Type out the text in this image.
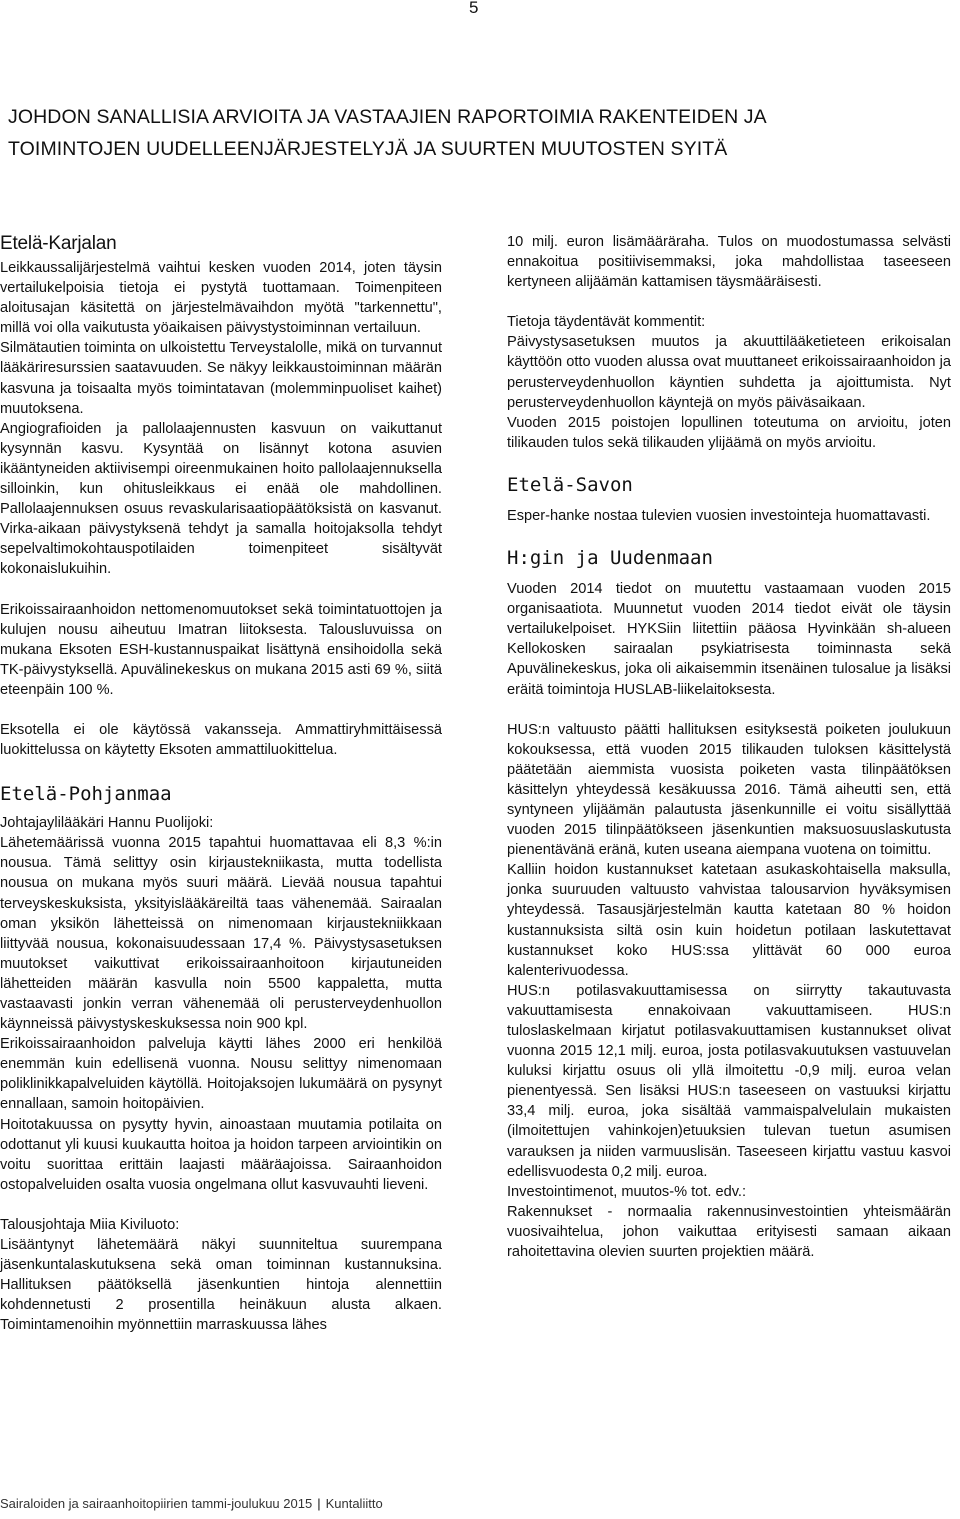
5
JOHDON SANALLISIA ARVIOITA JA VASTAAJIEN RAPORTOIMIA RAKENTEIDEN JA
TOIMINTOJEN UUDELLEENJÄRJESTELYJÄ JA SUURTEN MUUTOSTEN SYITÄ
Etelä-Karjalan

Leikkaussalijärjestelmä vaihtui kesken vuoden 2014, joten täysin vertailukelpoisia tietoja ei pystytä tuottamaan. Toimenpiteen aloitusajan käsitettä on järjestelmävaihdon myötä "tarkennettu", millä voi olla vaikutusta yöaikaisen päivystystoiminnan vertailuun.

Silmätautien toiminta on ulkoistettu Terveystalolle, mikä on turvannut lääkäriresurssien saatavuuden. Se näkyy leikkaustoiminnan määrän kasvuna ja toisaalta myös toimintatavan (molemminpuoliset kaihet) muutoksena.

Angiografioiden ja pallolaajennusten kasvuun on vaikuttanut kysynnän kasvu. Kysyntää on lisännyt kotona asuvien ikääntyneiden aktiivisempi oireenmukainen hoito pallolaajennuksella silloinkin, kun ohitusleikkaus ei enää ole mahdollinen. Pallolaajennuksen osuus revaskularisaatiopäätöksistä on kasvanut. Virka-aikaan päivystyksenä tehdyt ja samalla hoitojaksolla tehdyt sepelvaltimokohtauspotilaiden toimenpiteet sisältyvät kokonaislukuihin.

Erikoissairaanhoidon nettomenomuutokset sekä toimintatuottojen ja kulujen nousu aiheutuu Imatran liitoksesta. Talousluvuissa on mukana Eksoten ESH-kustannuspaikat lisättynä ensihoidolla sekä TK-päivystyksellä. Apuvälinekeskus on mukana 2015 asti 69 %, siitä eteenpäin 100 %.

Eksotella ei ole käytössä vakansseja. Ammattiryhmittäisessä luokittelussa on käytetty Eksoten ammattiluokittelua.

Etelä-Pohjanmaa

Johtajaylilääkäri Hannu Puolijoki:

Lähetemäärissä vuonna 2015 tapahtui huomattavaa eli 8,3 %:in nousua. Tämä selittyy osin kirjaustekniikasta, mutta todellista nousua on mukana myös suuri määrä. Lievää nousua tapahtui terveyskeskuksista, yksityislääkäreiltä taas vähenemää. Sairaalan oman yksikön lähetteissä on nimenomaan kirjaustekniikkaan liittyvää nousua, kokonaisuudessaan 17,4 %. Päivystysasetuksen muutokset vaikuttivat erikoissairaanhoitoon kirjautuneiden lähetteiden määrän kasvulla noin 5500 kappaletta, mutta vastaavasti jonkin verran vähenemää oli perusterveydenhuollon käynneissä päivystyskeskuksessa noin 900 kpl.

Erikoissairaanhoidon palveluja käytti lähes 2000 eri henkilöä enemmän kuin edellisenä vuonna. Nousu selittyy nimenomaan poliklinikkapalveluiden käytöllä. Hoitojaksojen lukumäärä on pysynyt ennallaan, samoin hoitopäivien.

Hoitotakuussa on pysytty hyvin, ainoastaan muutamia potilaita on odottanut yli kuusi kuukautta hoitoa ja hoidon tarpeen arviointikin on voitu suorittaa erittäin laajasti määräajoissa. Sairaanhoidon ostopalveluiden osalta vuosia ongelmana ollut kasvuvauhti lieveni.

Talousjohtaja Miia Kiviluoto:

Lisääntynyt lähetemäärä näkyi suunniteltua suurempana jäsenkuntalaskutuksena sekä oman toiminnan kustannuksina. Hallituksen päätöksellä jäsenkuntien hintoja alennettiin kohdennetusti 2 prosentilla heinäkuun alusta alkaen. Toimintamenoihin myönnettiin marraskuussa lähes

10 milj. euron lisämääräraha. Tulos on muodostumassa selvästi ennakoitua positiivisemmaksi, joka mahdollistaa taseeseen kertyneen alijäämän kattamisen täysmääräisesti.

Tietoja täydentävät kommentit:

Päivystysasetuksen muutos ja akuuttilääketieteen erikoisalan käyttöön otto vuoden alussa ovat muuttaneet erikoissairaanhoidon ja perusterveydenhuollon käyntien suhdetta ja ajoittumista. Nyt perusterveydenhuollon käyntejä on myös päiväsaikaan.

Vuoden 2015 poistojen lopullinen toteutuma on arvioitu, joten tilikauden tulos sekä tilikauden ylijäämä on myös arvioitu.

Etelä-Savon

Esper-hanke nostaa tulevien vuosien investointeja huomattavasti.

H:gin ja Uudenmaan

Vuoden 2014 tiedot on muutettu vastaamaan vuoden 2015 organisaatiota. Muunnetut vuoden 2014 tiedot eivät ole täysin vertailukelpoiset. HYKSiin liitettiin pääosa Hyvinkään sh-alueen Kellokosken sairaalan psykiatrisesta toiminnasta sekä Apuvälinekeskus, joka oli aikaisemmin itsenäinen tulosalue ja lisäksi eräitä toimintoja HUSLAB-liikelaitoksesta.

HUS:n valtuusto päätti hallituksen esityksestä poiketen joulukuun kokouksessa, että vuoden 2015 tilikauden tuloksen käsittelystä päätetään aiemmista vuosista poiketen vasta tilinpäätöksen käsittelyn yhteydessä kesäkuussa 2016. Tämä aiheutti sen, että syntyneen ylijäämän palautusta jäsenkunnille ei voitu sisällyttää vuoden 2015 tilinpäätökseen jäsenkuntien maksuosuuslaskutusta pienentävänä eränä, kuten useana aiempana vuotena on toimittu.

Kalliin hoidon kustannukset katetaan asukaskohtaisella maksulla, jonka suuruuden valtuusto vahvistaa talousarvion hyväksymisen yhteydessä. Tasausjärjestelmän kautta katetaan 80 % hoidon kustannuksista siltä osin kuin hoidetun potilaan laskutettavat kustannukset koko HUS:ssa ylittävät 60 000 euroa kalenterivuodessa.

HUS:n potilasvakuuttamisessa on siirrytty takautuvasta vakuuttamisesta ennakoivaan vakuuttamiseen. HUS:n tuloslaskelmaan kirjatut potilasvakuuttamisen kustannukset olivat vuonna 2015 12,1 milj. euroa, josta potilasvakuutuksen vastuuvelan kuluksi kirjattu osuus oli yllä ilmoitettu -0,9 milj. euroa velan pienentyessä. Sen lisäksi HUS:n taseeseen on vastuuksi kirjattu 33,4 milj. euroa, joka sisältää vammaispalvelulain mukaisten (ilmoitettujen vahinkojen)etuuksien tulevan tuetun asumisen varauksen ja niiden varmuuslisän. Taseeseen kirjattu vastuu kasvoi edellisvuodesta 0,2 milj. euroa.

Investointimenot, muutos-% tot. edv.:

Rakennukset - normaalia rakennusinvestointien yhteismäärän vuosivaihtelua, johon vaikuttaa erityisesti samaan aikaan rahoitettavina olevien suurten projektien määrä.

Sairaloiden ja sairaanhoitopiirien tammi-joulukuu 2015 | Kuntaliitto
